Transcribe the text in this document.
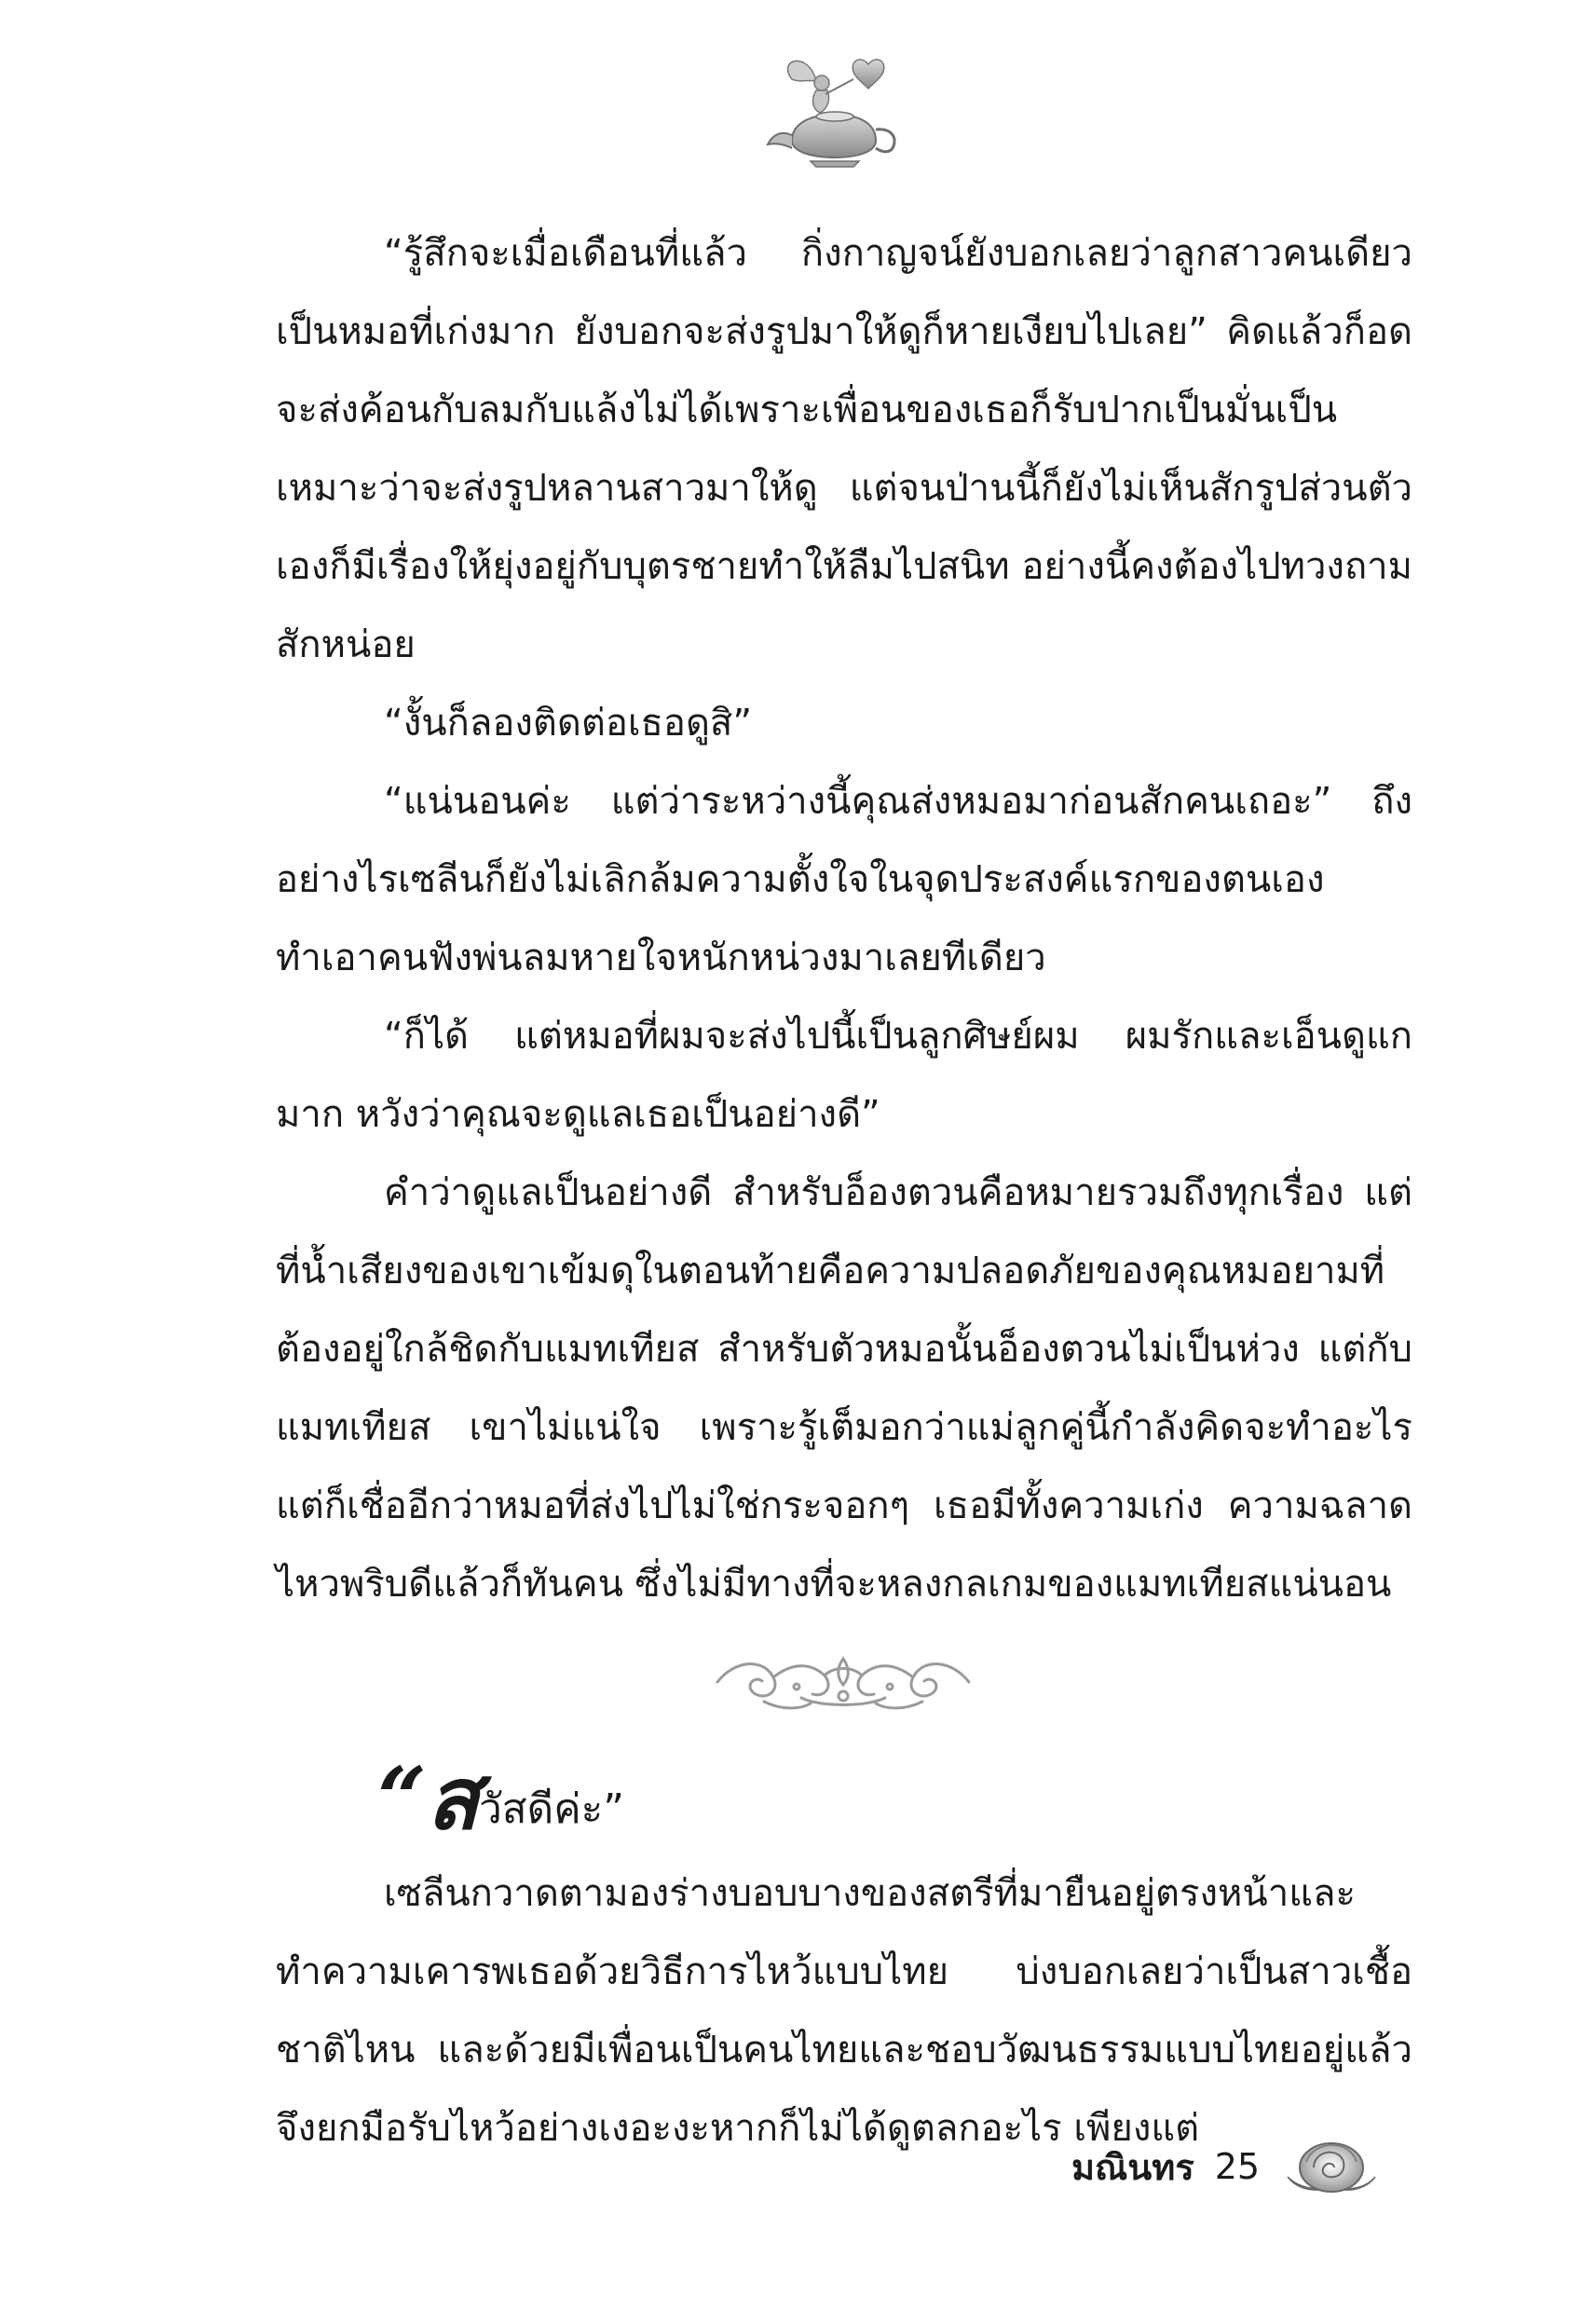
“รู้สึกจะเมื่อเดือนที่แล้ว กิ่งกาญจน์ยังบอกเลยว่าลูกสาวคนเดียวเป็นหมอที่เก่งมาก ยังบอกจะส่งรูปมาให้ดูก็หายเงียบไปเลย” คิดแล้วก็อดจะส่งค้อนกับลมกับแล้งไม่ได้เพราะเพื่อนของเธอก็รับปากเป็นมั่นเป็นเหมาะว่าจะส่งรูปหลานสาวมาให้ดู แต่จนป่านนี้ก็ยังไม่เห็นสักรูปส่วนตัวเองก็มีเรื่องให้ยุ่งอยู่กับบุตรชายทำให้ลืมไปสนิท อย่างนี้คงต้องไปทวงถามสักหน่อย

“งั้นก็ลองติดต่อเธอดูสิ”

“แน่นอนค่ะ แต่ว่าระหว่างนี้คุณส่งหมอมาก่อนสักคนเถอะ” ถึงอย่างไรเซลีนก็ยังไม่เลิกล้มความตั้งใจในจุดประสงค์แรกของตนเองทำเอาคนฟังพ่นลมหายใจหนักหน่วงมาเลยทีเดียว

“ก็ได้ แต่หมอที่ผมจะส่งไปนี้เป็นลูกศิษย์ผม ผมรักและเอ็นดูแกมาก หวังว่าคุณจะดูแลเธอเป็นอย่างดี”

คำว่าดูแลเป็นอย่างดี สำหรับอ็องตวนคือหมายรวมถึงทุกเรื่อง แต่ที่น้ำเสียงของเขาเข้มดุในตอนท้ายคือความปลอดภัยของคุณหมอยามที่ต้องอยู่ใกล้ชิดกับแมทเทียส สำหรับตัวหมอนั้นอ็องตวนไม่เป็นห่วง แต่กับแมทเทียส เขาไม่แน่ใจ เพราะรู้เต็มอกว่าแม่ลูกคู่นี้กำลังคิดจะทำอะไร แต่ก็เชื่ออีกว่าหมอที่ส่งไปไม่ใช่กระจอกๆ เธอมีทั้งความเก่ง ความฉลาด ไหวพริบดีแล้วก็ทันคน ซึ่งไม่มีทางที่จะหลงกลเกมของแมทเทียสแน่นอน

“สวัสดีค่ะ”

เซลีนกวาดตามองร่างบอบบางของสตรีที่มายืนอยู่ตรงหน้าและทำความเคารพเธอด้วยวิธีการไหว้แบบไทย บ่งบอกเลยว่าเป็นสาวเชื้อชาติไหน และด้วยมีเพื่อนเป็นคนไทยและชอบวัฒนธรรมแบบไทยอยู่แล้วจึงยกมือรับไหว้อย่างเงอะงะหากก็ไม่ได้ดูตลกอะไร เพียงแต่

มณินทร 25
